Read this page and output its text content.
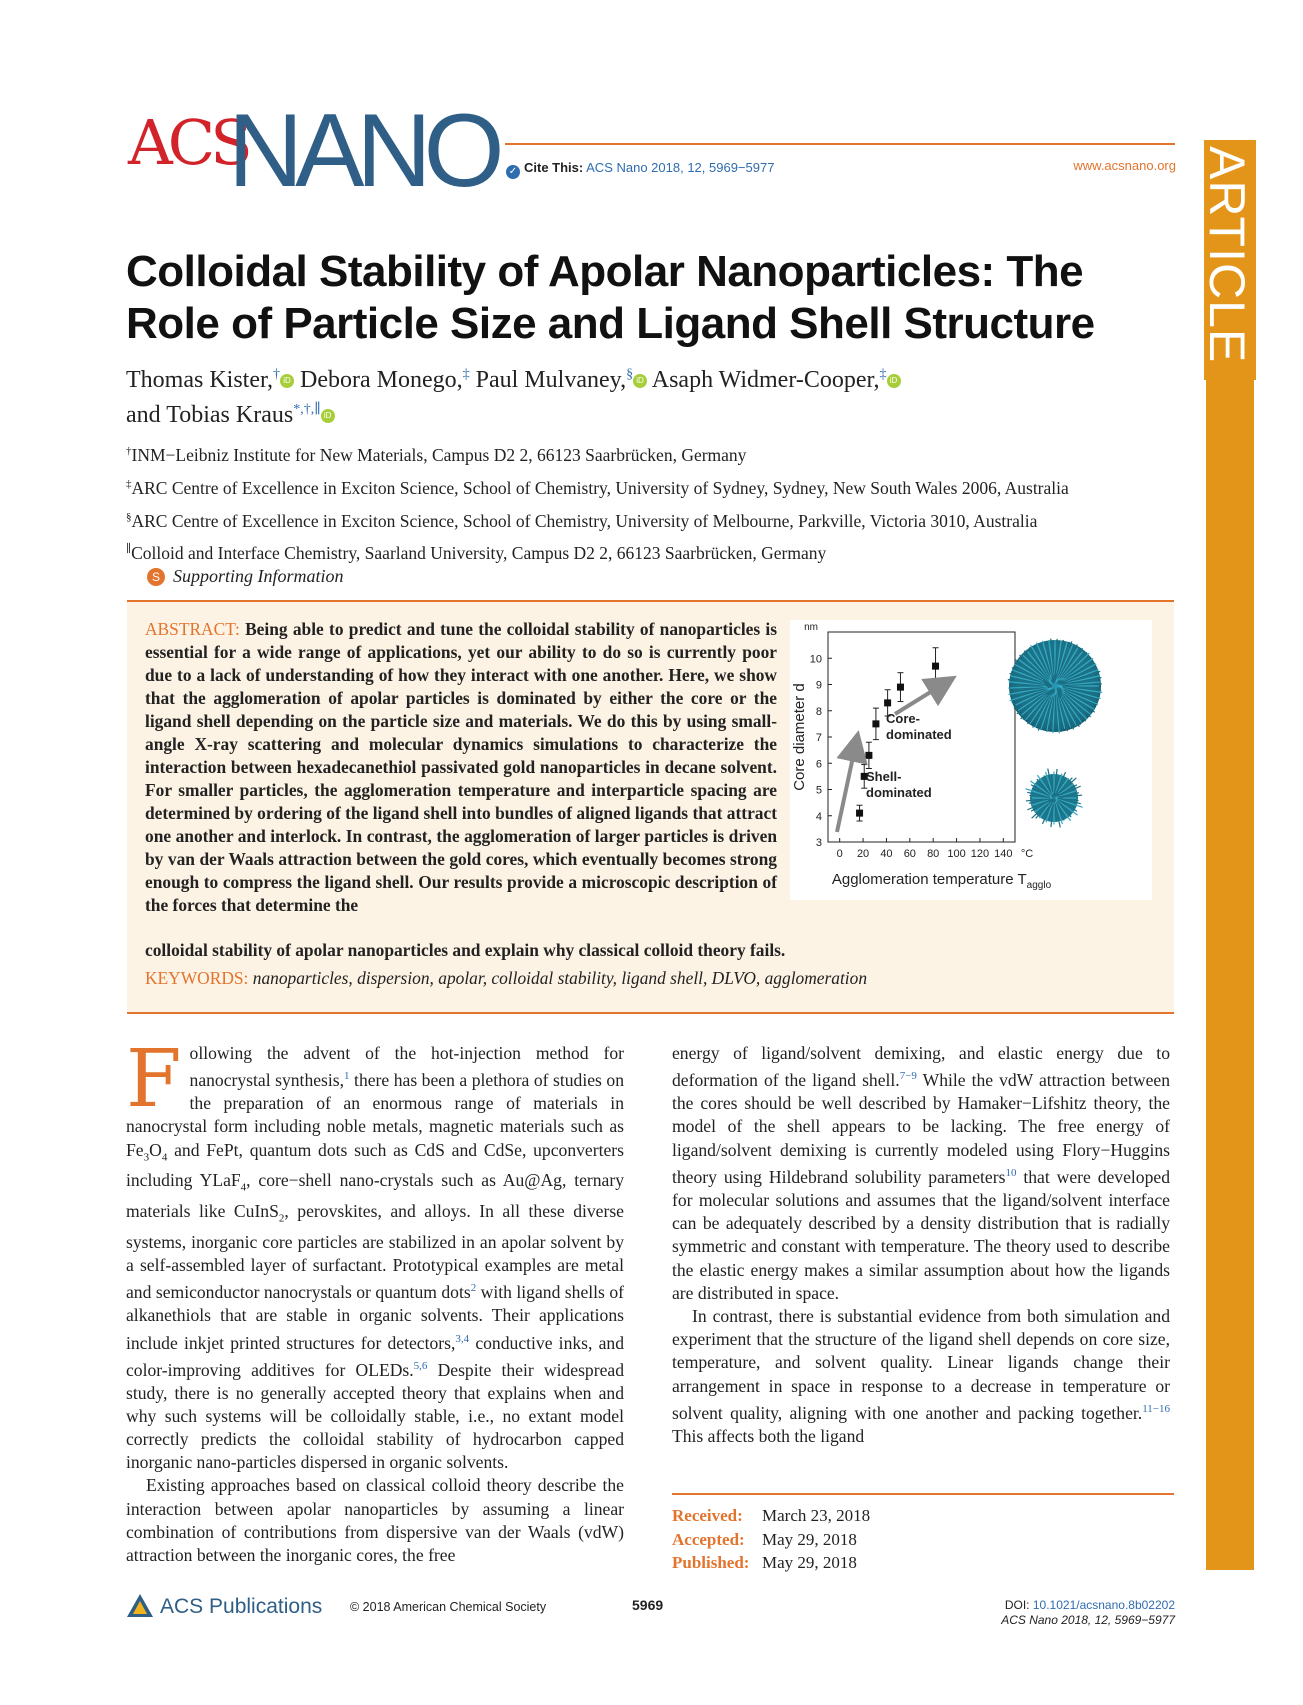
ACS
NANO ✓ Cite This: ACS Nano 2018, 12, 5969−5977	www.acsnano.org ARTICLE
Colloidal Stability of Apolar Nanoparticles: The Role of Particle Size and Ligand Shell Structure
Thomas Kister,† iD Debora Monego,‡ Paul Mulvaney,§ iD Asaph Widmer-Cooper,‡ iD
and Tobias Kraus*,†,∥ iD
†INM−Leibniz Institute for New Materials, Campus D2 2, 66123 Saarbrücken, Germany
‡ARC Centre of Excellence in Exciton Science, School of Chemistry, University of Sydney, Sydney, New South Wales 2006, Australia
§ARC Centre of Excellence in Exciton Science, School of Chemistry, University of Melbourne, Parkville, Victoria 3010, Australia
∥Colloid and Interface Chemistry, Saarland University, Campus D2 2, 66123 Saarbrücken, Germany
S Supporting Information
ABSTRACT: Being able to predict and tune the colloidal stability of nanoparticles is essential for a wide range of applications, yet our ability to do so is currently poor due to a lack of understanding of how they interact with one another. Here, we show that the agglomeration of apolar particles is dominated by either the core or the ligand shell depending on the particle size and materials. We do this by using small-angle X-ray scattering and molecular dynamics simulations to characterize the interaction between hexadecanethiol passivated gold nanoparticles in decane solvent. For smaller particles, the agglomeration temperature and interparticle spacing are determined by ordering of the ligand shell into bundles of aligned ligands that attract one another and interlock. In contrast, the agglomeration of larger particles is driven by van der Waals attraction between the gold cores, which eventually becomes strong enough to compress the ligand shell. Our results provide a microscopic description of the forces that determine the
colloidal stability of apolar nanoparticles and explain why classical colloid theory fails.
KEYWORDS: nanoparticles, dispersion, apolar, colloidal stability, ligand shell, DLVO, agglomeration
3
4
5
6
7
8
9
10
0 20 40 60 80 100 120 140 °C
nm
Core diameter d
Agglomeration temperature $T_{agglo}$
Core-
dominated
Shell-
dominated

Following the advent of the hot-injection method for nanocrystal synthesis,$^1$ there has been a plethora of studies on the preparation of an enormous range of materials in nanocrystal form including noble metals, magnetic materials such as $Fe_3O_4$ and FePt, quantum dots such as CdS and CdSe, upconverters including YLaF$_4$, core−shell nano-crystals such as Au@Ag, ternary materials like CuInS$_2$, perovskites, and alloys. In all these diverse systems, inorganic core particles are stabilized in an apolar solvent by a self-assembled layer of surfactant. Prototypical examples are metal and semiconductor nanocrystals or quantum dots$^2$ with ligand shells of alkanethiols that are stable in organic solvents. Their applications include inkjet printed structures for detectors,$^{3,4}$ conductive inks, and color-improving additives for OLEDs.$^{5,6}$ Despite their widespread study, there is no generally accepted theory that explains when and why such systems will be colloidally stable, i.e., no extant model correctly predicts the colloidal stability of hydrocarbon capped inorganic nano-particles dispersed in organic solvents.

Existing approaches based on classical colloid theory describe the interaction between apolar nanoparticles by assuming a linear combination of contributions from dispersive van der Waals (vdW) attraction between the inorganic cores, the free

energy of ligand/solvent demixing, and elastic energy due to deformation of the ligand shell.$^{7-9}$ While the vdW attraction between the cores should be well described by Hamaker−Lifshitz theory, the model of the shell appears to be lacking. The free energy of ligand/solvent demixing is currently modeled using Flory−Huggins theory using Hildebrand solubility parameters$^{10}$ that were developed for molecular solutions and assumes that the ligand/solvent interface can be adequately described by a density distribution that is radially symmetric and constant with temperature. The theory used to describe the elastic energy makes a similar assumption about how the ligands are distributed in space.

In contrast, there is substantial evidence from both simulation and experiment that the structure of the ligand shell depends on core size, temperature, and solvent quality. Linear ligands change their arrangement in space in response to a decrease in temperature or solvent quality, aligning with one another and packing together.$^{11-16}$ This affects both the ligand

Received: March 23, 2018
Accepted: May 29, 2018
Published: May 29, 2018
ACS Publications © 2018 American Chemical Society	5969	DOI: 10.1021/acsnano.8b02202
ACS Nano 2018, 12, 5969−5977
